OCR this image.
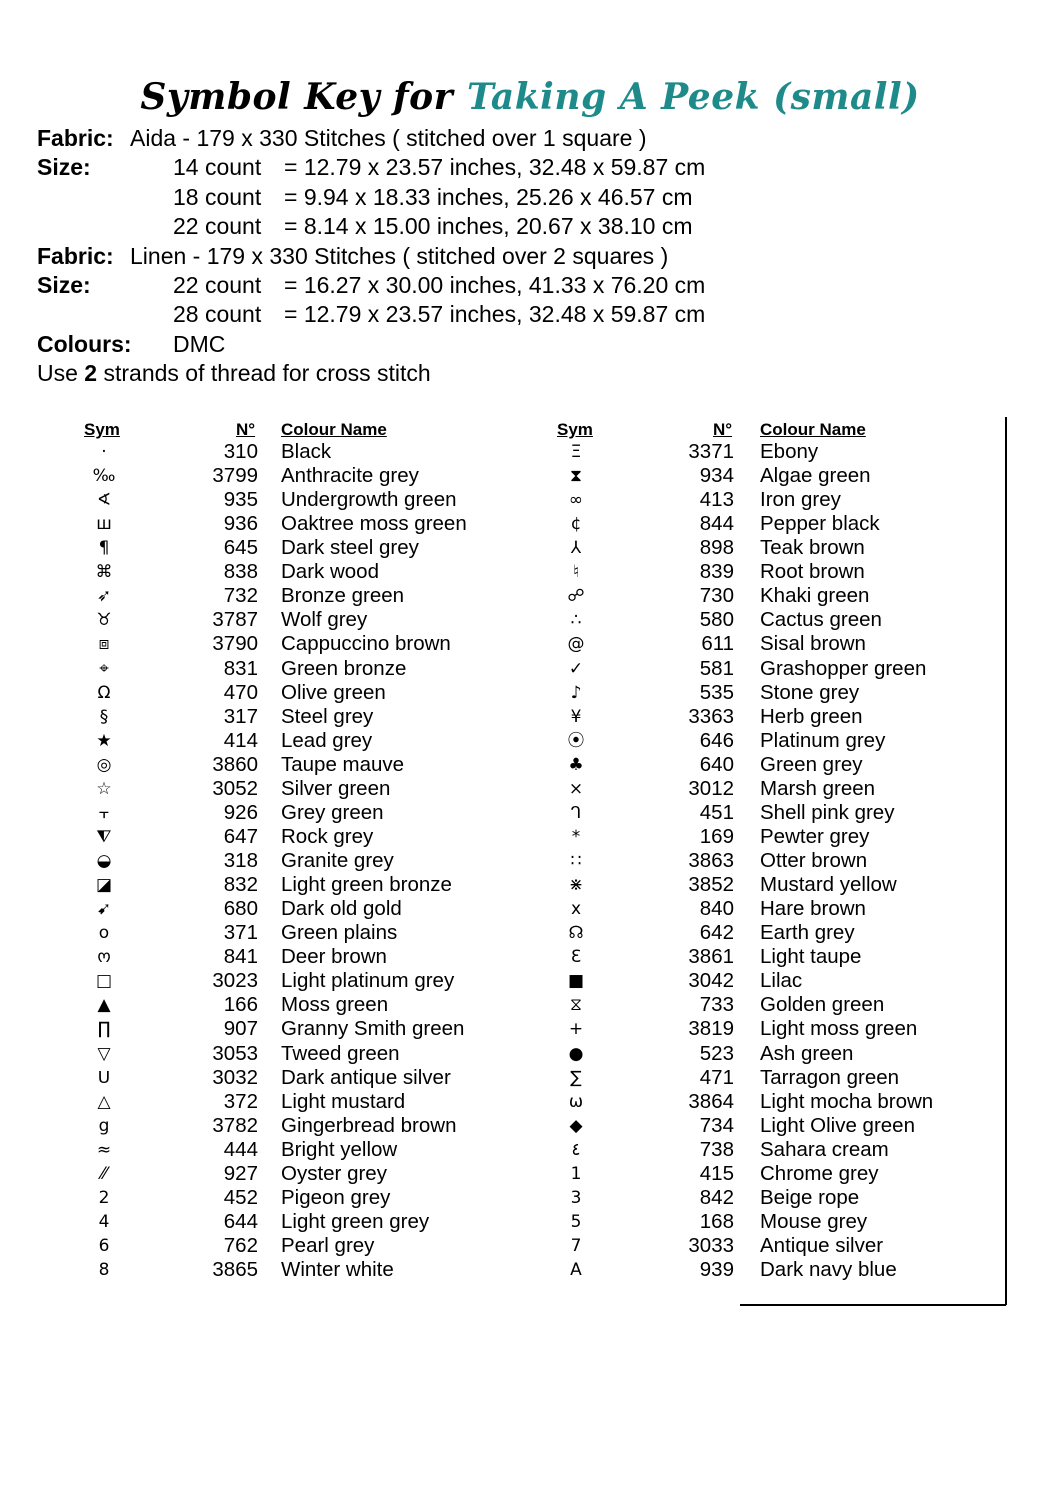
Symbol Key for Taking A Peek (small)
Fabric: Aida - 179 x 330 Stitches ( stitched over 1 square )
Size:	14 count = 12.79 x 23.57 inches, 32.48 x 59.87 cm
18 count = 9.94 x 18.33 inches, 25.26 x 46.57 cm
22 count = 8.14 x 15.00 inches, 20.67 x 38.10 cm
Fabric: Linen - 179 x 330 Stitches ( stitched over 2 squares )
Size:	22 count = 16.27 x 30.00 inches, 41.33 x 76.20 cm
28 count = 12.79 x 23.57 inches, 32.48 x 59.87 cm
Colours: DMC
Use 2 strands of thread for cross stitch
Sym	N° Colour Name	Sym	N° Colour Name
·	310 Black	Ξ	3371 Ebony
‰	3799 Anthracite grey	⧗	934 Algae green
∢	935 Undergrowth green	∞	413 Iron grey
ш	936 Oaktree moss green	¢	844 Pepper black
¶	645 Dark steel grey	⅄	898 Teak brown
⌘	838 Dark wood	♮	839 Root brown
➶	732 Bronze green	☍	730 Khaki green
♉	3787 Wolf grey	∴	580 Cactus green
⧈	3790 Cappuccino brown	@	611 Sisal brown
⌖	831 Green bronze	✓	581 Grashopper green
Ω	470 Olive green	♪	535 Stone grey
§	317 Steel grey	¥	3363 Herb green
★	414 Lead grey	⦿	646 Platinum grey
◎	3860 Taupe mauve	♣	640 Green grey
☆	3052 Silver green	×	3012 Marsh green
⫟	926 Grey green	ᒉ	451 Shell pink grey
⧨	647 Rock grey	*	169 Pewter grey
◒	318 Granite grey	∷	3863 Otter brown
◪	832 Light green bronze	⋇	3852 Mustard yellow
➹	680 Dark old gold	x	840 Hare brown
o	371 Green plains	☊	642 Earth grey
ო	841 Deer brown	Ɛ	3861 Light taupe
□	3023 Light platinum grey	■	3042 Lilac
▲	166 Moss green	⧖	733 Golden green
∏	907 Granny Smith green	+	3819 Light moss green
▽	3053 Tweed green	●	523 Ash green
ᑌ	3032 Dark antique silver	∑	471 Tarragon green
△	372 Light mustard	ω	3864 Light mocha brown
g	3782 Gingerbread brown	◆	734 Light Olive green
≈	444 Bright yellow	٤	738 Sahara cream
⁄⁄	927 Oyster grey	1	415 Chrome grey
2	452 Pigeon grey	3	842 Beige rope
4	644 Light green grey	5	168 Mouse grey
6	762 Pearl grey	7	3033 Antique silver
8	3865 Winter white	A	939 Dark navy blue
